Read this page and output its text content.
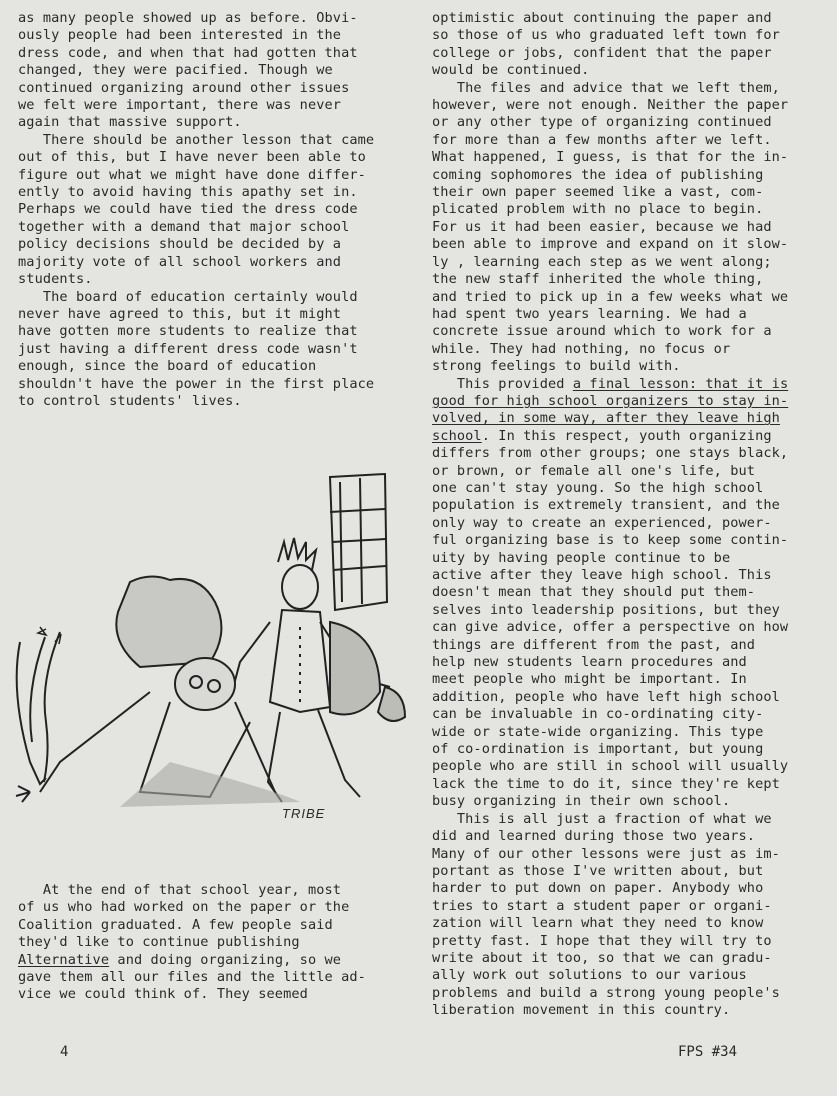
as many people showed up as before. Obvi-

ously people had been interested in the

dress code, and when that had gotten that

changed, they were pacified. Though we

continued organizing around other issues

we felt were important, there was never

again that massive support.

There should be another lesson that came

out of this, but I have never been able to

figure out what we might have done differ-

ently to avoid having this apathy set in.

Perhaps we could have tied the dress code

together with a demand that major school

policy decisions should be decided by a

majority vote of all school workers and

students.

The board of education certainly would

never have agreed to this, but it might

have gotten more students to realize that

just having a different dress code wasn't

enough, since the board of education

shouldn't have the power in the first place

to control students' lives.

TRIBE

At the end of that school year, most

of us who had worked on the paper or the

Coalition graduated. A few people said

they'd like to continue publishing

Alternative and doing organizing, so we

gave them all our files and the little ad-

vice we could think of. They seemed

optimistic about continuing the paper and

so those of us who graduated left town for

college or jobs, confident that the paper

would be continued.

The files and advice that we left them,

however, were not enough. Neither the paper

or any other type of organizing continued

for more than a few months after we left.

What happened, I guess, is that for the in-

coming sophomores the idea of publishing

their own paper seemed like a vast, com-

plicated problem with no place to begin.

For us it had been easier, because we had

been able to improve and expand on it slow-

ly , learning each step as we went along;

the new staff inherited the whole thing,

and tried to pick up in a few weeks what we

had spent two years learning. We had a

concrete issue around which to work for a

while. They had nothing, no focus or

strong feelings to build with.

This provided a final lesson: that it is

good for high school organizers to stay in-

volved, in some way, after they leave high

school. In this respect, youth organizing

differs from other groups; one stays black,

or brown, or female all one's life, but

one can't stay young. So the high school

population is extremely transient, and the

only way to create an experienced, power-

ful organizing base is to keep some contin-

uity by having people continue to be

active after they leave high school. This

doesn't mean that they should put them-

selves into leadership positions, but they

can give advice, offer a perspective on how

things are different from the past, and

help new students learn procedures and

meet people who might be important. In

addition, people who have left high school

can be invaluable in co-ordinating city-

wide or state-wide organizing. This type

of co-ordination is important, but young

people who are still in school will usually

lack the time to do it, since they're kept

busy organizing in their own school.

This is all just a fraction of what we

did and learned during those two years.

Many of our other lessons were just as im-

portant as those I've written about, but

harder to put down on paper. Anybody who

tries to start a student paper or organi-

zation will learn what they need to know

pretty fast. I hope that they will try to

write about it too, so that we can gradu-

ally work out solutions to our various

problems and build a strong young people's

liberation movement in this country.

4	FPS #34
